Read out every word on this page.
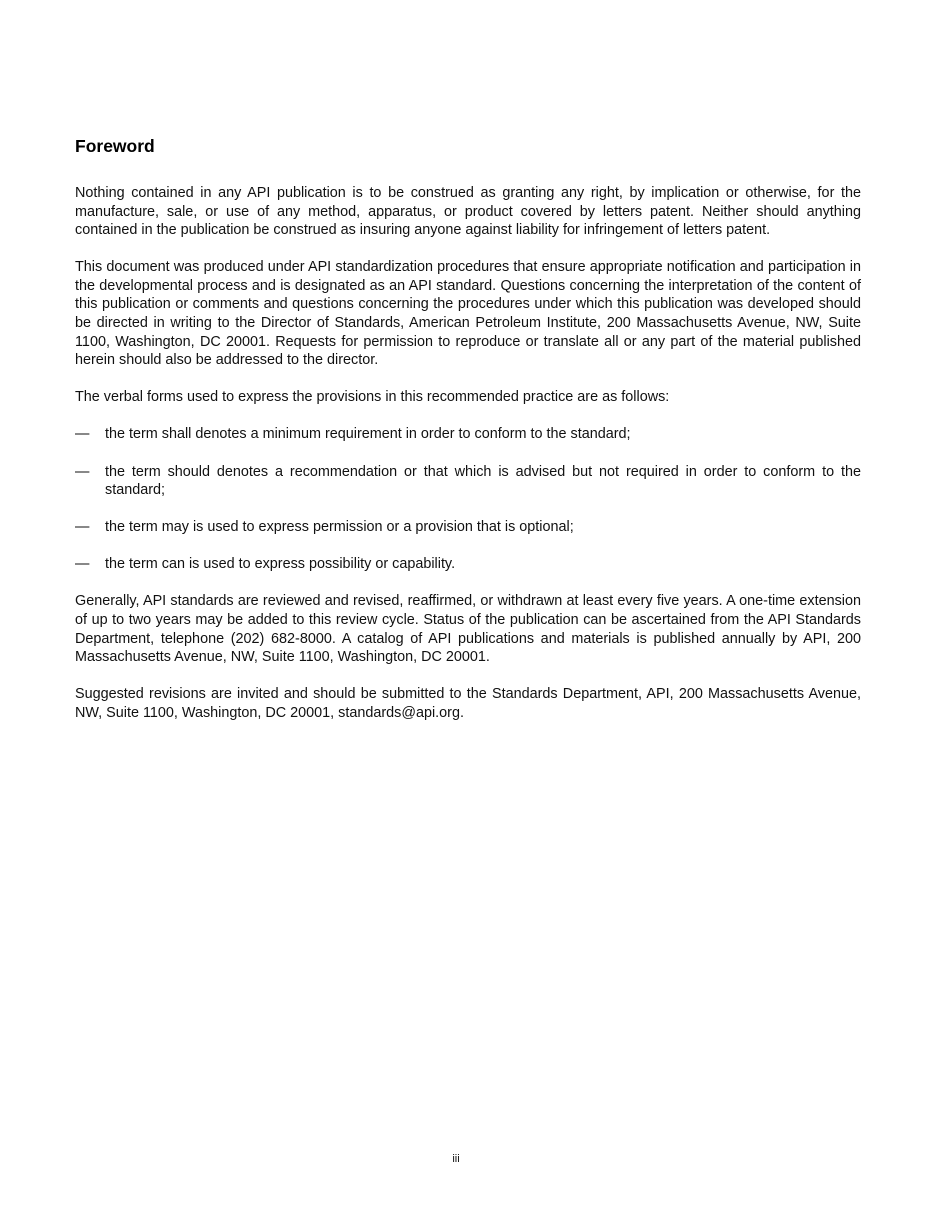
Foreword

Nothing contained in any API publication is to be construed as granting any right, by implication or otherwise, for the manufacture, sale, or use of any method, apparatus, or product covered by letters patent. Neither should anything contained in the publication be construed as insuring anyone against liability for infringement of letters patent.

This document was produced under API standardization procedures that ensure appropriate notification and participation in the developmental process and is designated as an API standard. Questions concerning the interpretation of the content of this publication or comments and questions concerning the procedures under which this publication was developed should be directed in writing to the Director of Standards, American Petroleum Institute, 200 Massachusetts Avenue, NW, Suite 1100, Washington, DC 20001. Requests for permission to reproduce or translate all or any part of the material published herein should also be addressed to the director.

The verbal forms used to express the provisions in this recommended practice are as follows:

—	the term shall denotes a minimum requirement in order to conform to the standard;
—	the term should denotes a recommendation or that which is advised but not required in order to conform to the standard;
—	the term may is used to express permission or a provision that is optional;
—	the term can is used to express possibility or capability.

Generally, API standards are reviewed and revised, reaffirmed, or withdrawn at least every five years. A one-time extension of up to two years may be added to this review cycle. Status of the publication can be ascertained from the API Standards Department, telephone (202) 682-8000. A catalog of API publications and materials is published annually by API, 200 Massachusetts Avenue, NW, Suite 1100, Washington, DC 20001.

Suggested revisions are invited and should be submitted to the Standards Department, API, 200 Massachusetts Avenue, NW, Suite 1100, Washington, DC 20001, standards@api.org.

iii
